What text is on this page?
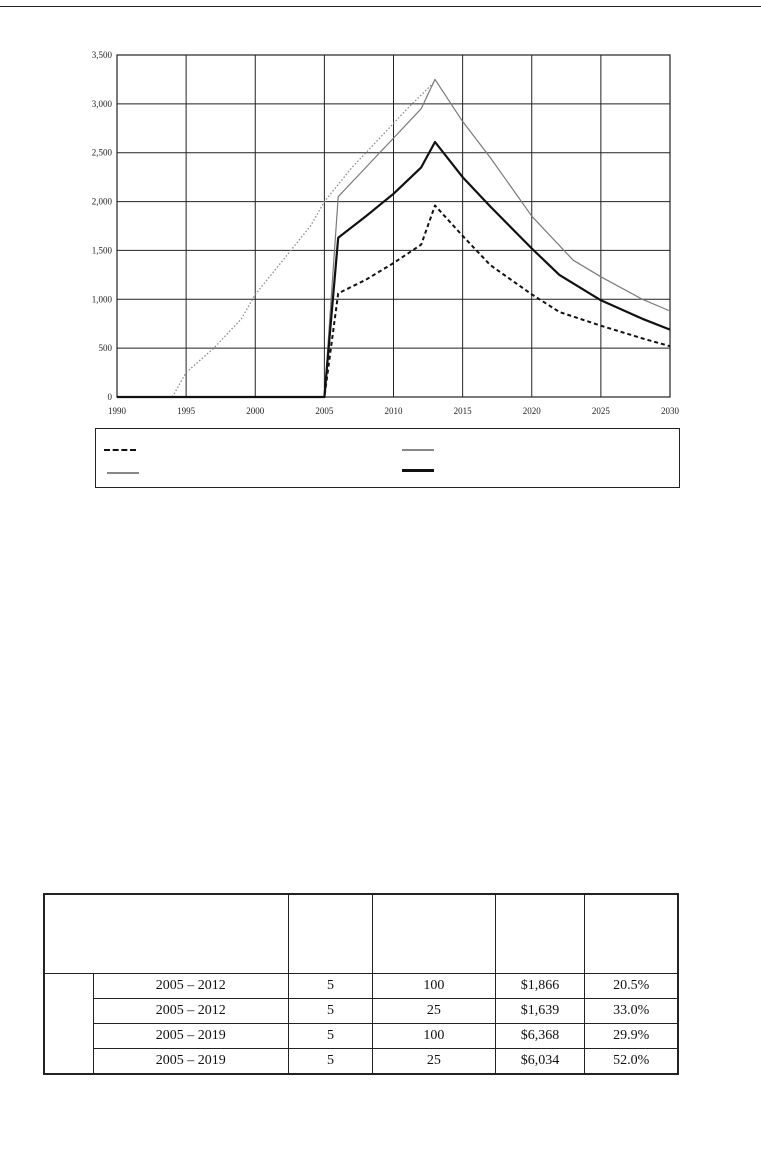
1990	1995	2000	2005	2010	2015	2020	2025	2030
0
500
1,000
1,500
2,000
2,500
3,000
3,500

	2005 – 2012	5	100	$1,866	20.5%
	2005 – 2012	5	25	$1,639	33.0%
	2005 – 2019	5	100	$6,368	29.9%
	2005 – 2019	5	25	$6,034	52.0%
